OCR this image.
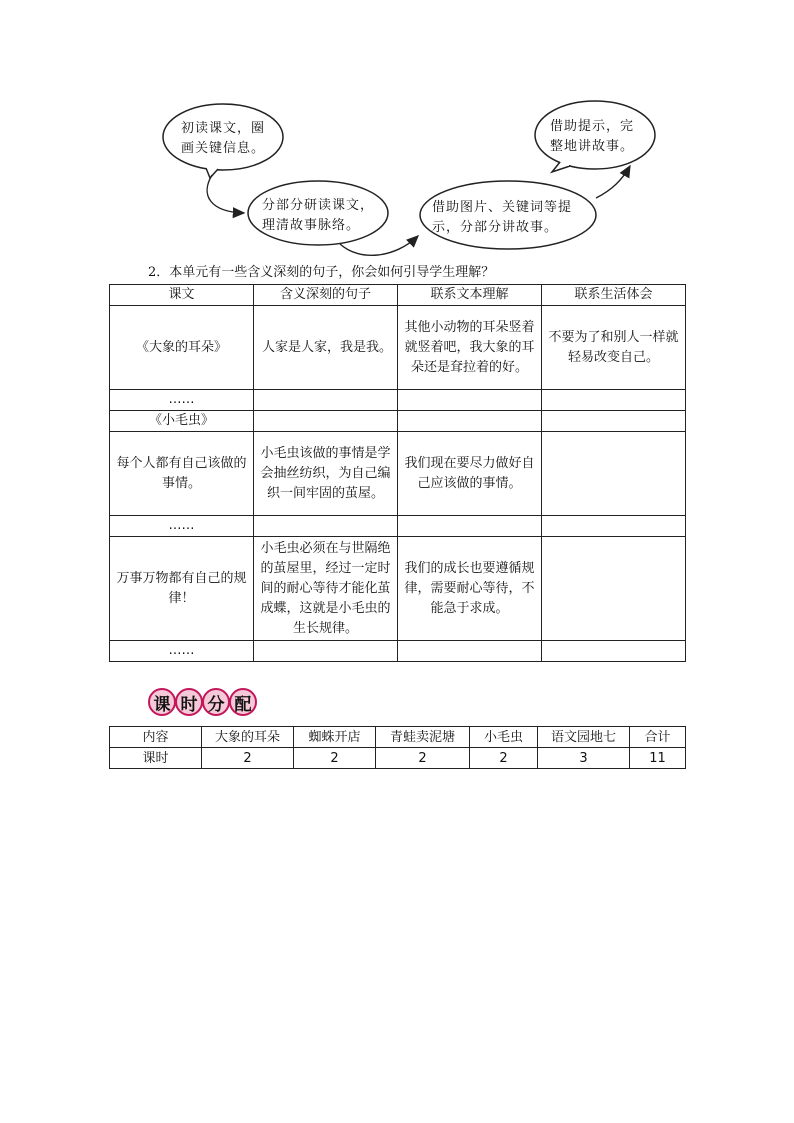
初读课文，圈
画关键信息。
分部分研读课文，
理清故事脉络。
借助图片、关键词等提
示，分部分讲故事。
借助提示，完
整地讲故事。
2．本单元有一些含义深刻的句子，你会如何引导学生理解？
课文	含义深刻的句子	联系文本理解	联系生活体会
《大象的耳朵》	人家是人家，我是我。	其他小动物的耳朵竖着就竖着吧，我大象的耳朵还是耷拉着的好。	不要为了和别人一样就轻易改变自己。
……			
《小毛虫》			
每个人都有自己该做的事情。	小毛虫该做的事情是学会抽丝纺织，为自己编织一间牢固的茧屋。	我们现在要尽力做好自己应该做的事情。	
……			
万事万物都有自己的规律！	小毛虫必须在与世隔绝的茧屋里，经过一定时间的耐心等待才能化茧成蝶，这就是小毛虫的生长规律。	我们的成长也要遵循规律，需要耐心等待，不能急于求成。	
……			
课 时 分 配
内容	大象的耳朵	蜘蛛开店	青蛙卖泥塘	小毛虫	语文园地七	合计
课时	2	2	2	2	3	11
